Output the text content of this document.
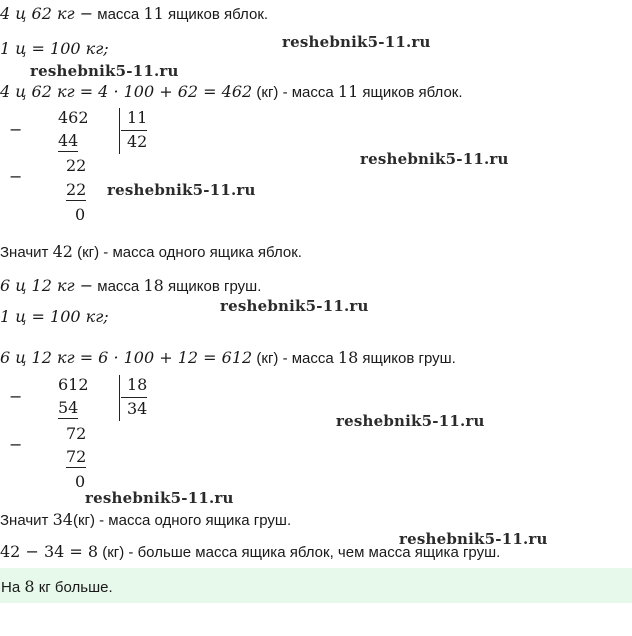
4 ц 62 кг − масса 11 ящиков яблок.
reshebnik5-11.ru
1 ц = 100 кг;
reshebnik5-11.ru
4 ц 62 кг = 4 · 100 + 62 = 462 (кг) - масса 11 ящиков яблок.
−
462 11
42
44
−
22
22
0
reshebnik5-11.ru
reshebnik5-11.ru
Значит 42 (кг) - масса одного ящика яблок.
6 ц 12 кг − масса 18 ящиков груш.
reshebnik5-11.ru
1 ц = 100 кг;
6 ц 12 кг = 6 · 100 + 12 = 612 (кг) - масса 18 ящиков груш.
−
612 18
34
54
−
72
72
0
reshebnik5-11.ru
reshebnik5-11.ru
Значит 34(кг) - масса одного ящика груш.
reshebnik5-11.ru
42 − 34 = 8 (кг) - больше масса ящика яблок, чем масса ящика груш.
На 8 кг больше.
